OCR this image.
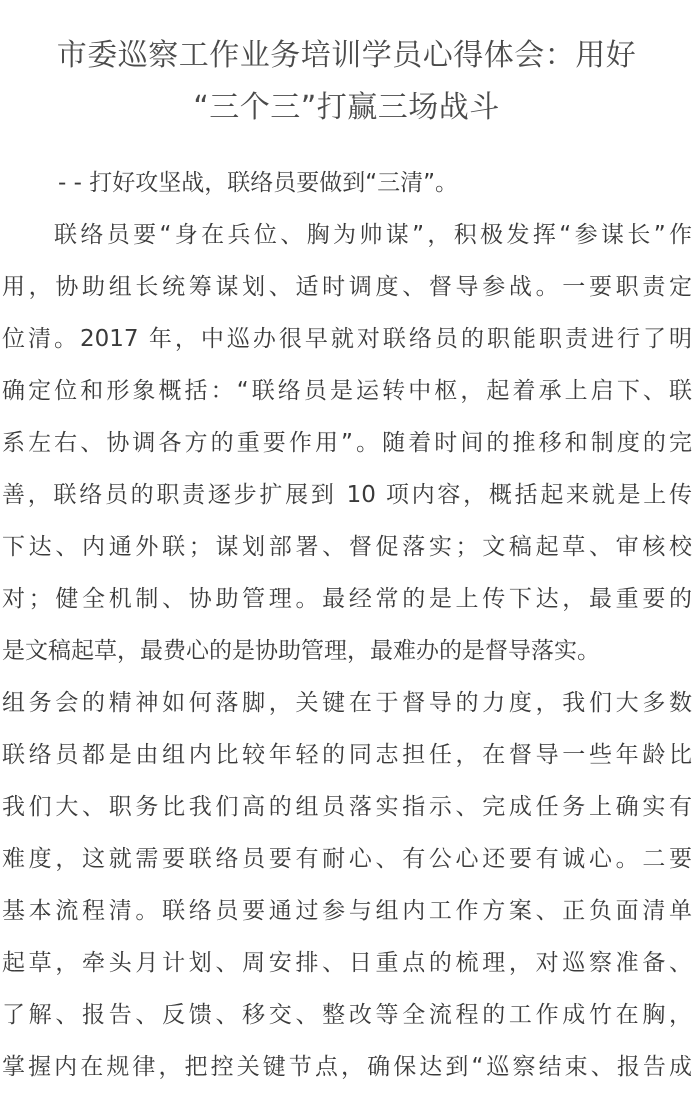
市委巡察工作业务培训学员心得体会：用好
“三个三”打赢三场战斗
- - 打好攻坚战，联络员要做到“三清”。
联络员要“身在兵位、胸为帅谋”，积极发挥“参谋长”作
用，协助组长统筹谋划、适时调度、督导参战。一要职责定
位清。2017 年，中巡办很早就对联络员的职能职责进行了明
确定位和形象概括：“联络员是运转中枢，起着承上启下、联
系左右、协调各方的重要作用”。随着时间的推移和制度的完
善，联络员的职责逐步扩展到 10 项内容，概括起来就是上传
下达、内通外联；谋划部署、督促落实；文稿起草、审核校
对；健全机制、协助管理。最经常的是上传下达，最重要的
是文稿起草，最费心的是协助管理，最难办的是督导落实。
组务会的精神如何落脚，关键在于督导的力度，我们大多数
联络员都是由组内比较年轻的同志担任，在督导一些年龄比
我们大、职务比我们高的组员落实指示、完成任务上确实有
难度，这就需要联络员要有耐心、有公心还要有诚心。二要
基本流程清。联络员要通过参与组内工作方案、正负面清单
起草，牵头月计划、周安排、日重点的梳理，对巡察准备、
了解、报告、反馈、移交、整改等全流程的工作成竹在胸，
掌握内在规律，把控关键节点，确保达到“巡察结束、报告成
